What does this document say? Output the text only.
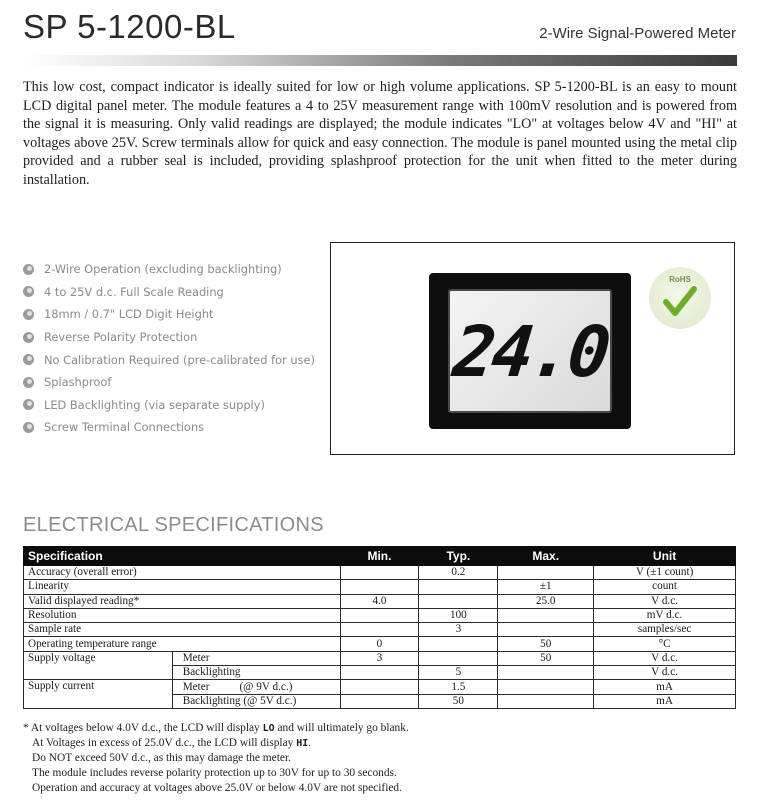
SP 5-1200-BL	2-Wire Signal-Powered Meter
This low cost, compact indicator is ideally suited for low or high volume applications. SP 5-1200-BL is an easy to mount LCD digital panel meter. The module features a 4 to 25V measurement range with 100mV resolution and is powered from the signal it is measuring. Only valid readings are displayed; the module indicates "LO" at voltages below 4V and "HI" at voltages above 25V. Screw terminals allow for quick and easy connection. The module is panel mounted using the metal clip provided and a rubber seal is included, providing splashproof protection for the unit when fitted to the meter during installation.
2-Wire Operation (excluding backlighting)
4 to 25V d.c. Full Scale Reading
18mm / 0.7" LCD Digit Height
Reverse Polarity Protection
No Calibration Required (pre-calibrated for use)
Splashproof
LED Backlighting (via separate supply)
Screw Terminal Connections
24.0
RoHS
ELECTRICAL SPECIFICATIONS
Specification		Min.	Typ.	Max.	Unit
Accuracy (overall error)			0.2		V (±1 count)
Linearity				±1	count
Valid displayed reading*		4.0		25.0	V d.c.
Resolution			100		mV d.c.
Sample rate			3		samples/sec
Operating temperature range		0		50	°C
Supply voltage	Meter	3		50	V d.c.
	Backlighting		5		V d.c.
Supply current	Meter (@ 9V d.c.)		1.5		mA
	Backlighting (@ 5V d.c.)		50		mA
* At voltages below 4.0V d.c., the LCD will display LO and will ultimately go blank.
At Voltages in excess of 25.0V d.c., the LCD will display HI.
Do NOT exceed 50V d.c., as this may damage the meter.
The module includes reverse polarity protection up to 30V for up to 30 seconds.
Operation and accuracy at voltages above 25.0V or below 4.0V are not specified.
